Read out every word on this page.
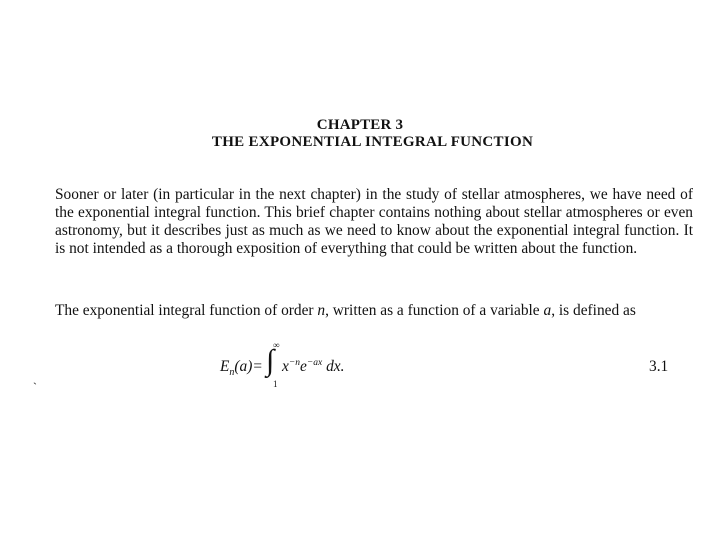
CHAPTER 3
THE EXPONENTIAL INTEGRAL FUNCTION

Sooner or later (in particular in the next chapter) in the study of stellar atmospheres, we have need of the exponential integral function. This brief chapter contains nothing about stellar atmospheres or even astronomy, but it describes just as much as we need to know about the exponential integral function. It is not intended as a thorough exposition of everything that could be written about the function.

The exponential integral function of order n, written as a function of a variable a, is defined as

$E_n(a)=$
∞
∫
1
$x^{-n}e^{-ax}$ dx.	3.1
`
